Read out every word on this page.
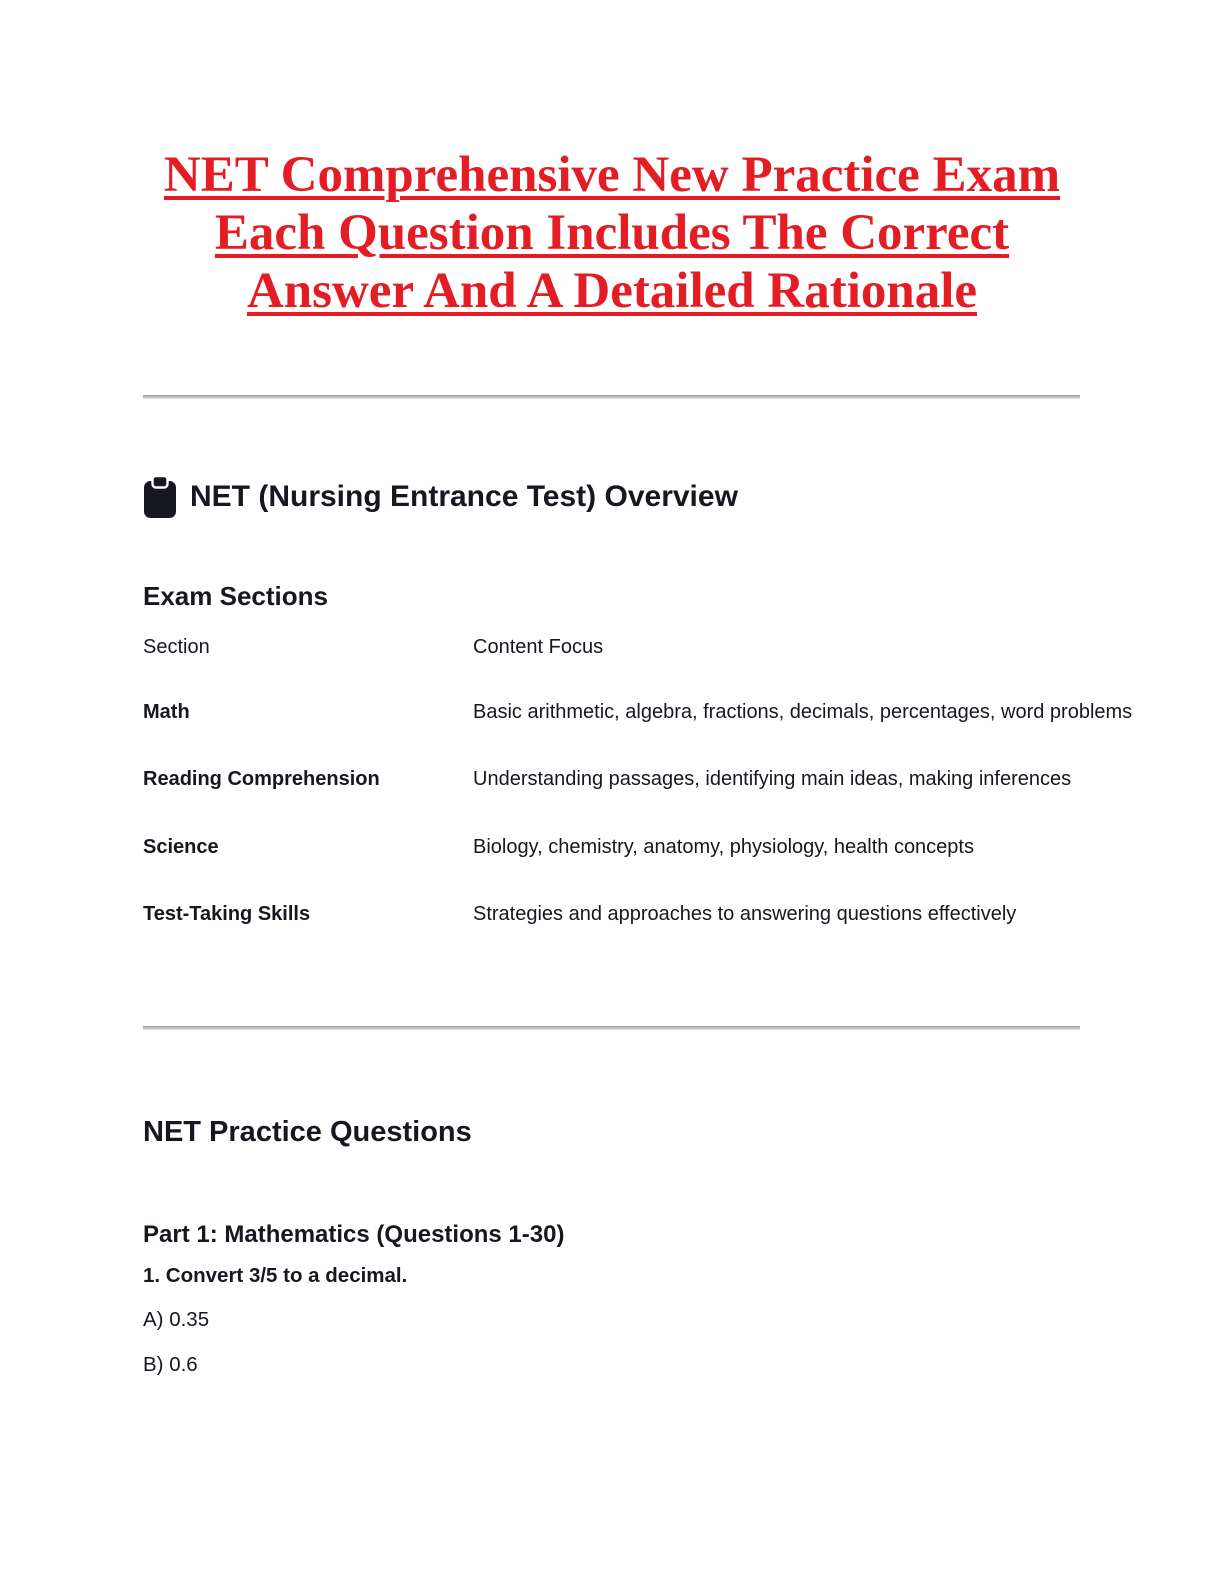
NET Comprehensive New Practice Exam
Each Question Includes The Correct
Answer And A Detailed Rationale
NET (Nursing Entrance Test) Overview
Exam Sections
Section	Content Focus
Math	Basic arithmetic, algebra, fractions, decimals, percentages, word problems
Reading Comprehension	Understanding passages, identifying main ideas, making inferences
Science	Biology, chemistry, anatomy, physiology, health concepts
Test-Taking Skills	Strategies and approaches to answering questions effectively
NET Practice Questions
Part 1: Mathematics (Questions 1-30)
1. Convert 3/5 to a decimal.
A) 0.35
B) 0.6
